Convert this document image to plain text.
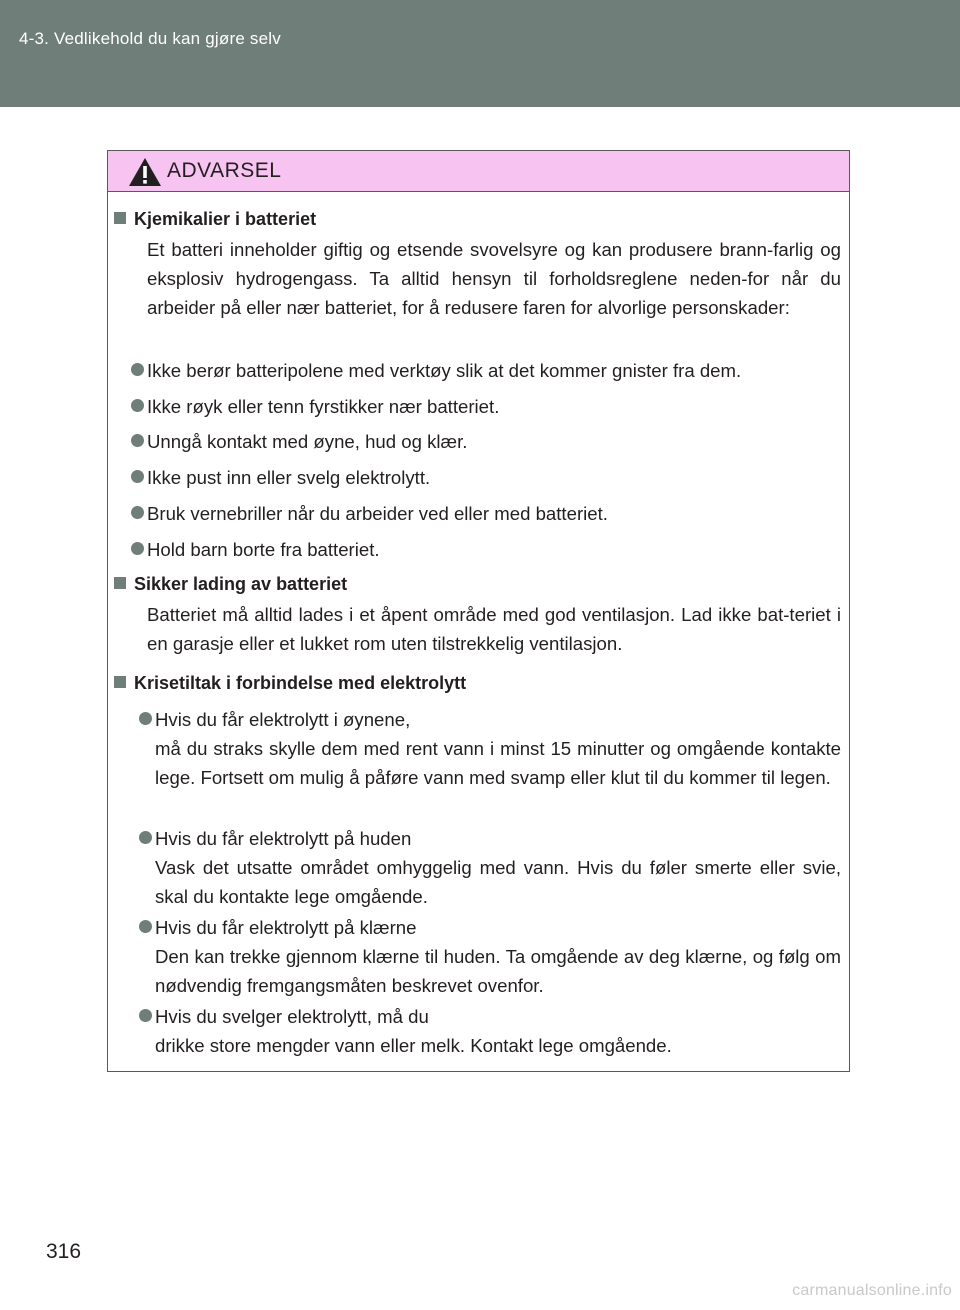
4-3. Vedlikehold du kan gjøre selv
ADVARSEL
Kjemikalier i batteriet

Et batteri inneholder giftig og etsende svovelsyre og kan produsere brann-farlig og eksplosiv hydrogengass. Ta alltid hensyn til forholdsreglene neden-for når du arbeider på eller nær batteriet, for å redusere faren for alvorlige personskader:

Ikke berør batteripolene med verktøy slik at det kommer gnister fra dem.
Ikke røyk eller tenn fyrstikker nær batteriet.
Unngå kontakt med øyne, hud og klær.
Ikke pust inn eller svelg elektrolytt.
Bruk vernebriller når du arbeider ved eller med batteriet.
Hold barn borte fra batteriet.
Sikker lading av batteriet

Batteriet må alltid lades i et åpent område med god ventilasjon. Lad ikke bat-teriet i en garasje eller et lukket rom uten tilstrekkelig ventilasjon.

Krisetiltak i forbindelse med elektrolytt
Hvis du får elektrolytt i øynene,
må du straks skylle dem med rent vann i minst 15 minutter og omgående kontakte lege. Fortsett om mulig å påføre vann med svamp eller klut til du kommer til legen.
Hvis du får elektrolytt på huden
Vask det utsatte området omhyggelig med vann. Hvis du føler smerte eller svie, skal du kontakte lege omgående.
Hvis du får elektrolytt på klærne
Den kan trekke gjennom klærne til huden. Ta omgående av deg klærne, og følg om nødvendig fremgangsmåten beskrevet ovenfor.
Hvis du svelger elektrolytt, må du
drikke store mengder vann eller melk. Kontakt lege omgående.
316
carmanualsonline.info
